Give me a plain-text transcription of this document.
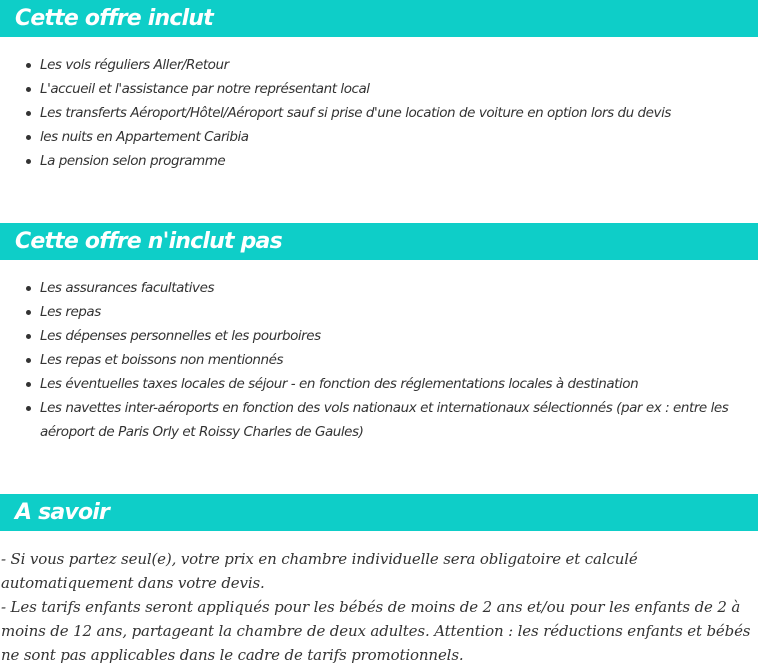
Cette offre inclut
Les vols réguliers Aller/Retour
L'accueil et l'assistance par notre représentant local
Les transferts Aéroport/Hôtel/Aéroport sauf si prise d'une location de voiture en option lors du devis
les nuits en Appartement Caribia
La pension selon programme
Cette offre n'inclut pas
Les assurances facultatives
Les repas
Les dépenses personnelles et les pourboires
Les repas et boissons non mentionnés
Les éventuelles taxes locales de séjour - en fonction des réglementations locales à destination
Les navettes inter-aéroports en fonction des vols nationaux et internationaux sélectionnés (par ex : entre les aéroport de Paris Orly et Roissy Charles de Gaules)
A savoir

- Si vous partez seul(e), votre prix en chambre individuelle sera obligatoire et calculé automatiquement dans votre devis.

- Les tarifs enfants seront appliqués pour les bébés de moins de 2 ans et/ou pour les enfants de 2 à moins de 12 ans, partageant la chambre de deux adultes. Attention : les réductions enfants et bébés ne sont pas applicables dans le cadre de tarifs promotionnels.
